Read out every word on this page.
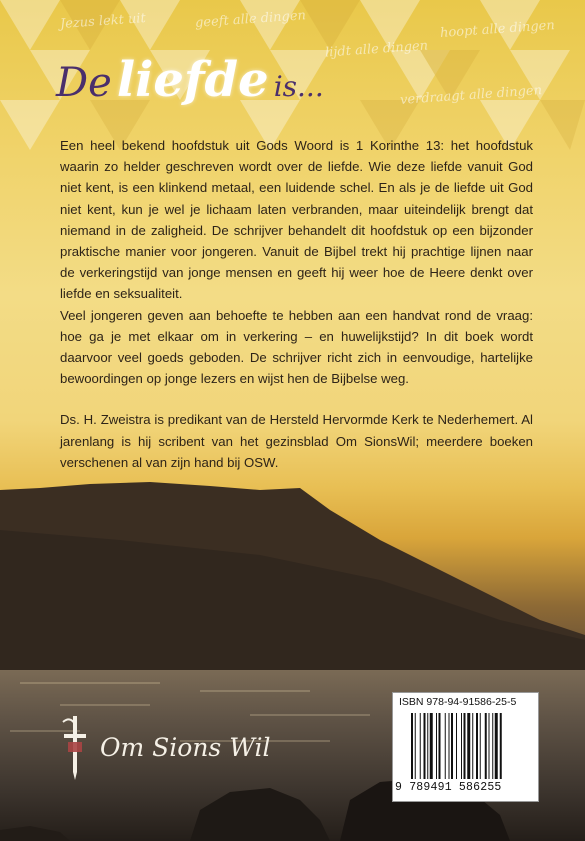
Jezus lekt uit	geeft alle dingen	hoopt alle dingen
lijdt alle dingen
verdraagt alle dingen
De liefde is...

Een heel bekend hoofdstuk uit Gods Woord is 1 Korinthe 13: het hoofdstuk waarin zo helder geschreven wordt over de liefde. Wie deze liefde vanuit God niet kent, is een klinkend metaal, een luidende schel. En als je de liefde uit God niet kent, kun je wel je lichaam laten verbranden, maar uiteindelijk brengt dat niemand in de zaligheid. De schrijver behandelt dit hoofdstuk op een bijzonder praktische manier voor jongeren. Vanuit de Bijbel trekt hij prachtige lijnen naar de verkeringstijd van jonge mensen en geeft hij weer hoe de Heere denkt over liefde en seksualiteit.

Veel jongeren geven aan behoefte te hebben aan een handvat rond de vraag: hoe ga je met elkaar om in verkering – en huwelijkstijd? In dit boek wordt daarvoor veel goeds geboden. De schrijver richt zich in eenvoudige, hartelijke bewoordingen op jonge lezers en wijst hen de Bijbelse weg.

Ds. H. Zweistra is predikant van de Hersteld Hervormde Kerk te Nederhemert. Al jarenlang is hij scribent van het gezinsblad Om SionsWil; meerdere boeken verschenen al van zijn hand bij OSW.

Om Sions Wil
ISBN 978-94-91586-25-5
9 789491 586255
